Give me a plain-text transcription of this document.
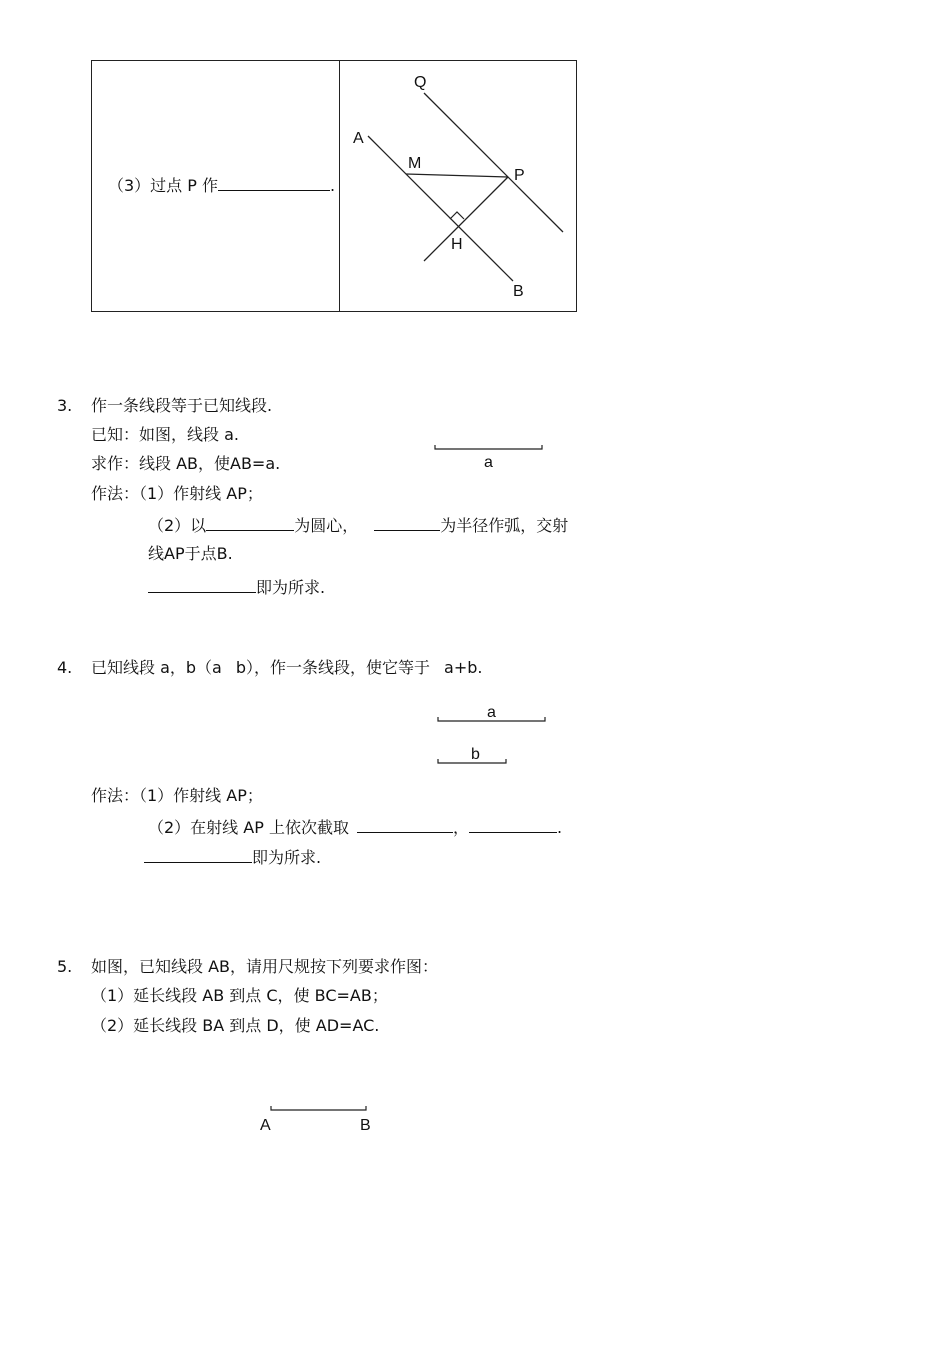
（3）过点 P 作	.
Q
A
M
P
H
B
a
a
b
A	B
3. 作一条线段等于已知线段.
已知：如图，线段 a.
求作：线段 AB，使AB=a.
作法：（1）作射线 AP；
（2）以	为圆心，	为半径作弧，交射
线AP于点B.
即为所求.
4. 已知线段 a，b（a b），作一条线段，使它等于 a+b.
作法：（1）作射线 AP；
（2）在射线 AP 上依次截取	，	.
即为所求.
5. 如图，已知线段 AB，请用尺规按下列要求作图：
（1）延长线段 AB 到点 C，使 BC=AB；
（2）延长线段 BA 到点 D，使 AD=AC.
